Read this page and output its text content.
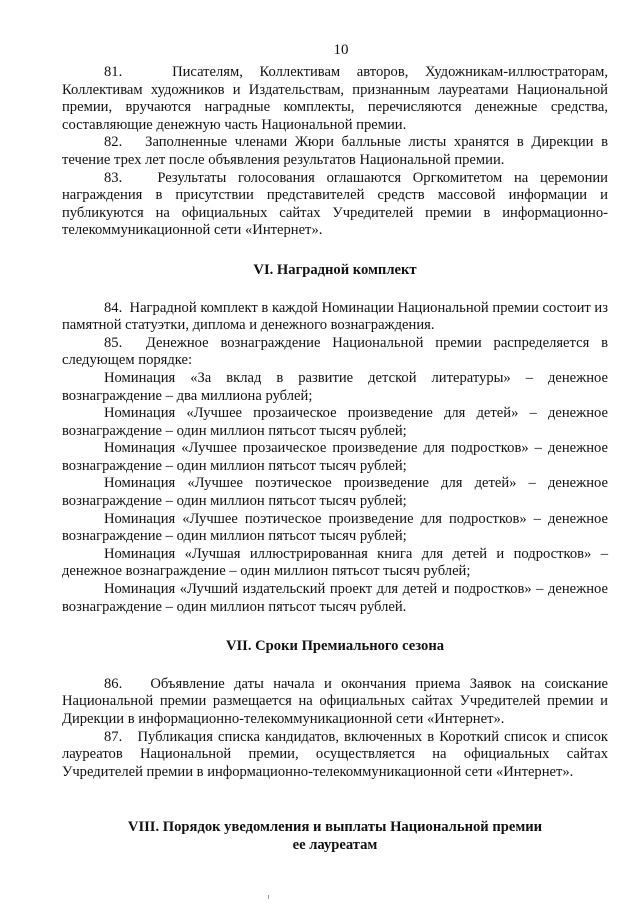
10

81.   Писателям, Коллективам авторов, Художникам-иллюстраторам, Коллективам художников и Издательствам, признанным лауреатами Национальной премии, вручаются наградные комплекты, перечисляются денежные средства, составляющие денежную часть Национальной премии.

82.   Заполненные членами Жюри балльные листы хранятся в Дирекции в течение трех лет после объявления результатов Национальной премии.

83.   Результаты голосования оглашаются Оргкомитетом на церемонии награждения в присутствии представителей средств массовой информации и публикуются на официальных сайтах Учредителей премии в информационно-телекоммуникационной сети «Интернет».

VI. Наградной комплект

84.  Наградной комплект в каждой Номинации Национальной премии состоит из памятной статуэтки, диплома и денежного вознаграждения.

85.  Денежное вознаграждение Национальной премии распределяется в следующем порядке:

Номинация «За вклад в развитие детской литературы» – денежное вознаграждение – два миллиона рублей;

Номинация «Лучшее прозаическое произведение для детей» – денежное вознаграждение – один миллион пятьсот тысяч рублей;

Номинация «Лучшее прозаическое произведение для подростков» – денежное вознаграждение – один миллион пятьсот тысяч рублей;

Номинация «Лучшее поэтическое произведение для детей» – денежное вознаграждение – один миллион пятьсот тысяч рублей;

Номинация «Лучшее поэтическое произведение для подростков» – денежное вознаграждение – один миллион пятьсот тысяч рублей;

Номинация «Лучшая иллюстрированная книга для детей и подростков» – денежное вознаграждение – один миллион пятьсот тысяч рублей;

Номинация «Лучший издательский проект для детей и подростков» – денежное вознаграждение – один миллион пятьсот тысяч рублей.

VII. Сроки Премиального сезона

86.   Объявление даты начала и окончания приема Заявок на соискание Национальной премии размещается на официальных сайтах Учредителей премии и Дирекции в информационно-телекоммуникационной сети «Интернет».

87.   Публикация списка кандидатов, включенных в Короткий список и список лауреатов Национальной премии, осуществляется на официальных сайтах Учредителей премии в информационно-телекоммуникационной сети «Интернет».

VIII. Порядок уведомления и выплаты Национальной премии

ее лауреатам
